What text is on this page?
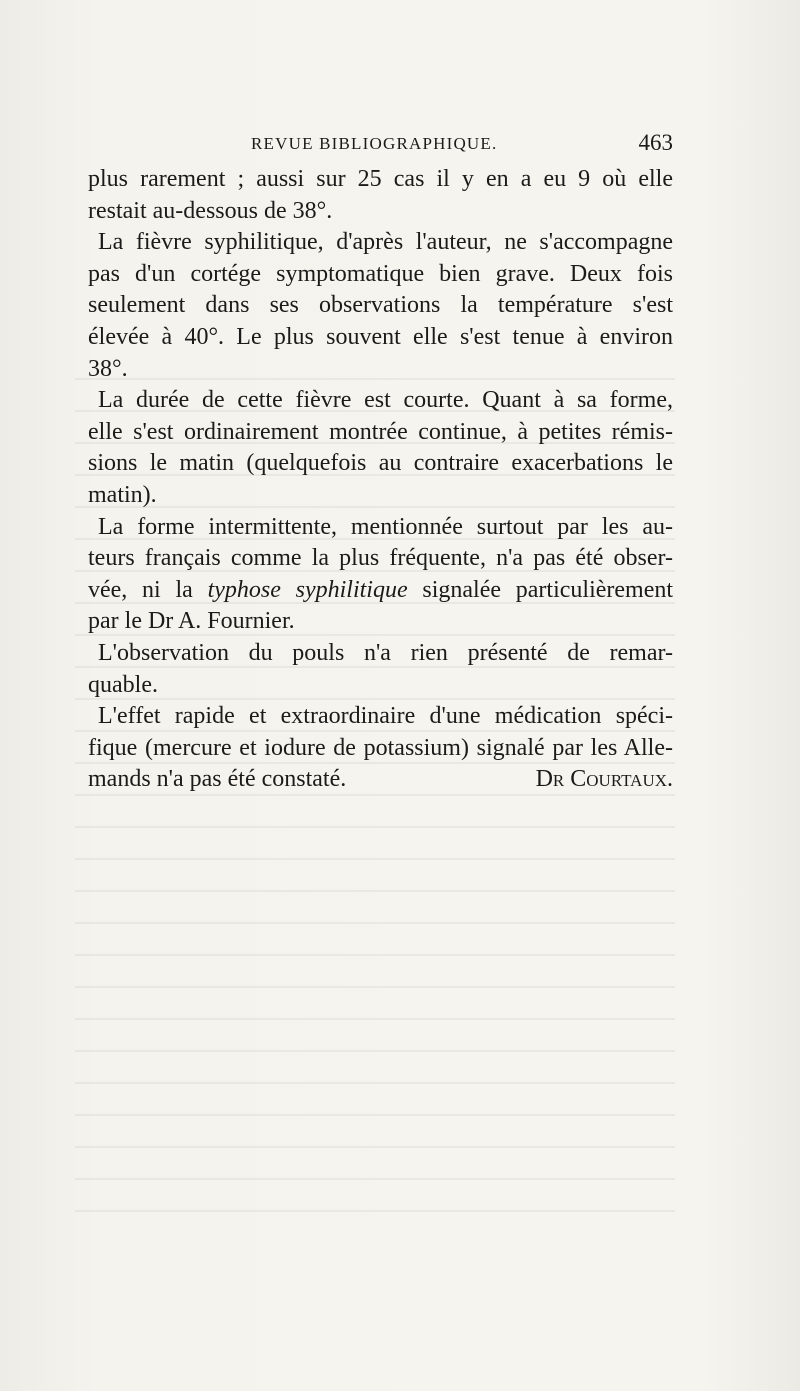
REVUE BIBLIOGRAPHIQUE.	463
plus rarement ; aussi sur 25 cas il y en a eu 9 où elle
restait au-dessous de 38°.
La fièvre syphilitique, d'après l'auteur, ne s'accompagne
pas d'un cortége symptomatique bien grave. Deux fois
seulement dans ses observations la température s'est
élevée à 40°. Le plus souvent elle s'est tenue à environ
38°.
La durée de cette fièvre est courte. Quant à sa forme,
elle s'est ordinairement montrée continue, à petites rémis-
sions le matin (quelquefois au contraire exacerbations le
matin).
La forme intermittente, mentionnée surtout par les au-
teurs français comme la plus fréquente, n'a pas été obser-
vée, ni la typhose syphilitique signalée particulièrement
par le Dr A. Fournier.
L'observation du pouls n'a rien présenté de remar-
quable.
L'effet rapide et extraordinaire d'une médication spéci-
fique (mercure et iodure de potassium) signalé par les Alle-
mands n'a pas été constaté.	Dr Courtaux.
